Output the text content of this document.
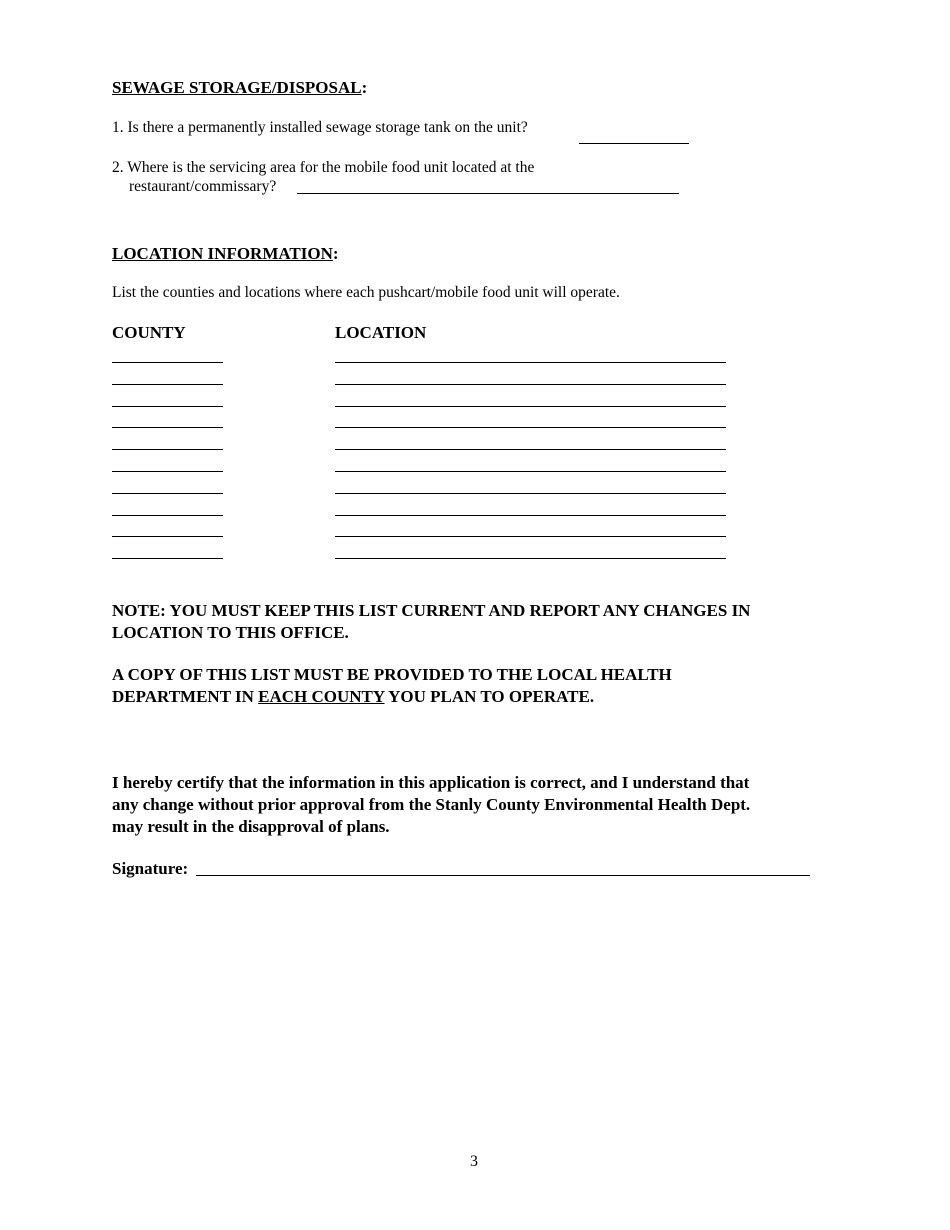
SEWAGE STORAGE/DISPOSAL:
1. Is there a permanently installed sewage storage tank on the unit?
2. Where is the servicing area for the mobile food unit located at the
restaurant/commissary?
LOCATION INFORMATION:
List the counties and locations where each pushcart/mobile food unit will operate.
COUNTY	LOCATION
NOTE: YOU MUST KEEP THIS LIST CURRENT AND REPORT ANY CHANGES IN
LOCATION TO THIS OFFICE.
A COPY OF THIS LIST MUST BE PROVIDED TO THE LOCAL HEALTH
DEPARTMENT IN EACH COUNTY YOU PLAN TO OPERATE.
I hereby certify that the information in this application is correct, and I understand that
any change without prior approval from the Stanly County Environmental Health Dept.
may result in the disapproval of plans.
Signature:
3
